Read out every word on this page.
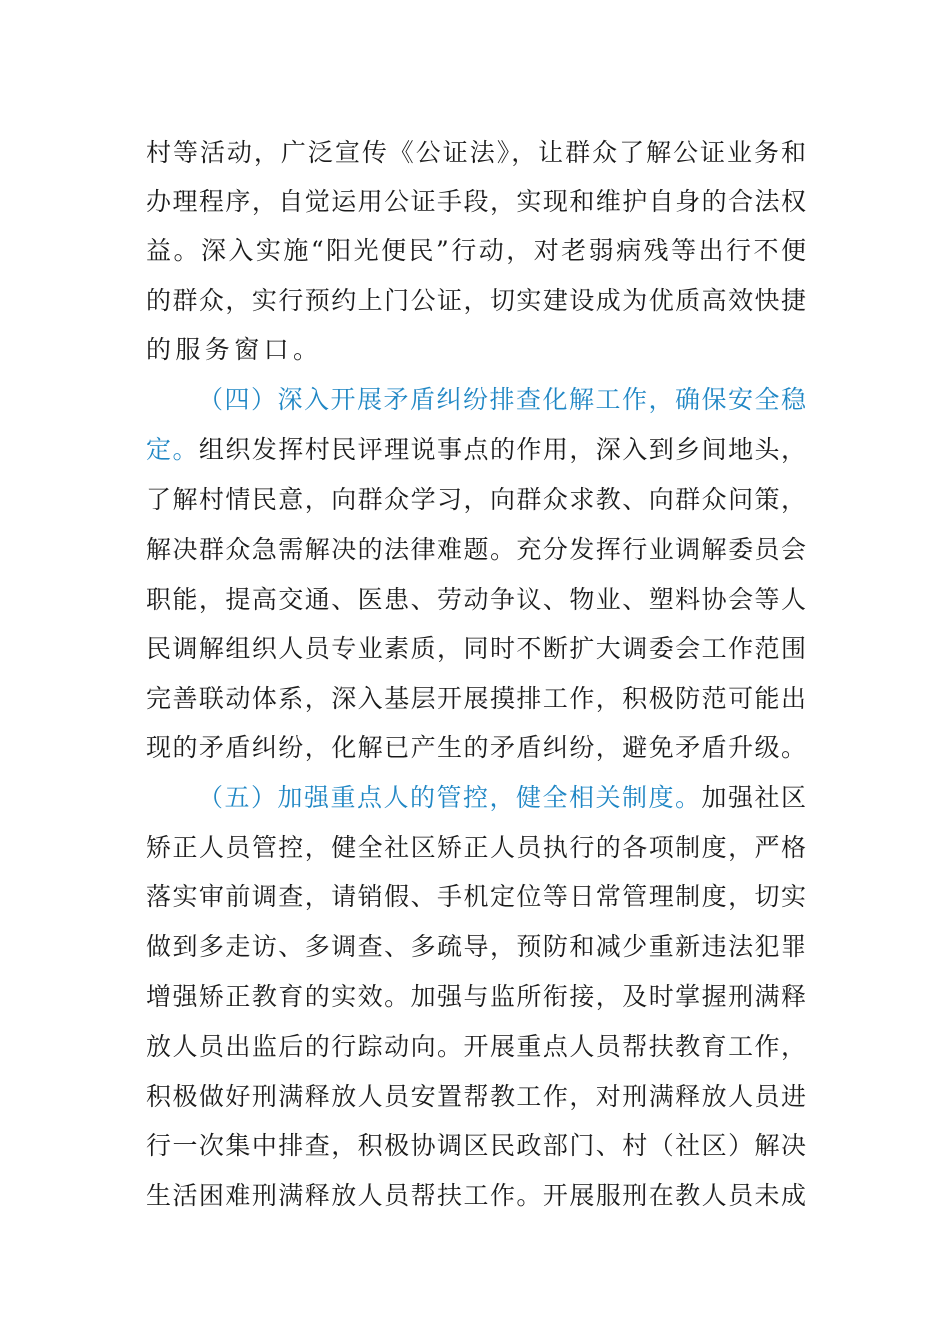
村等活动，广泛宣传《公证法》，让群众了解公证业务和
办理程序，自觉运用公证手段，实现和维护自身的合法权
益。深入实施“阳光便民”行动，对老弱病残等出行不便
的群众，实行预约上门公证，切实建设成为优质高效快捷
的服务窗口。
（四）深入开展矛盾纠纷排查化解工作，确保安全稳
定。组织发挥村民评理说事点的作用，深入到乡间地头，
了解村情民意，向群众学习，向群众求教、向群众问策，
解决群众急需解决的法律难题。充分发挥行业调解委员会
职能，提高交通、医患、劳动争议、物业、塑料协会等人
民调解组织人员专业素质，同时不断扩大调委会工作范围
完善联动体系，深入基层开展摸排工作，积极防范可能出
现的矛盾纠纷，化解已产生的矛盾纠纷，避免矛盾升级。
（五）加强重点人的管控，健全相关制度。加强社区
矫正人员管控，健全社区矫正人员执行的各项制度，严格
落实审前调查，请销假、手机定位等日常管理制度，切实
做到多走访、多调查、多疏导，预防和减少重新违法犯罪
增强矫正教育的实效。加强与监所衔接，及时掌握刑满释
放人员出监后的行踪动向。开展重点人员帮扶教育工作，
积极做好刑满释放人员安置帮教工作，对刑满释放人员进
行一次集中排查，积极协调区民政部门、村（社区）解决
生活困难刑满释放人员帮扶工作。开展服刑在教人员未成
